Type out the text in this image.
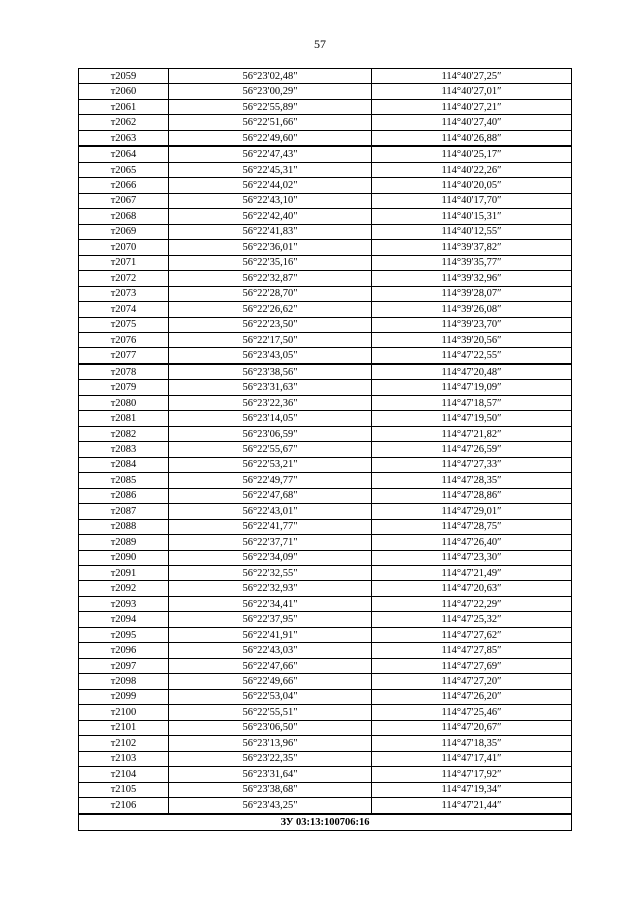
57
т2059	56°23'02,48"	114°40'27,25″
т2060	56°23'00,29"	114°40'27,01″
т2061	56°22'55,89"	114°40'27,21″
т2062	56°22'51,66"	114°40'27,40″
т2063	56°22'49,60"	114°40'26,88″
т2064	56°22'47,43"	114°40'25,17″
т2065	56°22'45,31"	114°40'22,26″
т2066	56°22'44,02"	114°40'20,05″
т2067	56°22'43,10"	114°40'17,70″
т2068	56°22'42,40"	114°40'15,31″
т2069	56°22'41,83"	114°40'12,55″
т2070	56°22'36,01"	114°39'37,82″
т2071	56°22'35,16"	114°39'35,77″
т2072	56°22'32,87"	114°39'32,96″
т2073	56°22'28,70"	114°39'28,07″
т2074	56°22'26,62"	114°39'26,08″
т2075	56°22'23,50"	114°39'23,70″
т2076	56°22'17,50"	114°39'20,56″
т2077	56°23'43,05"	114°47'22,55″
т2078	56°23'38,56"	114°47'20,48″
т2079	56°23'31,63"	114°47'19,09″
т2080	56°23'22,36"	114°47'18,57″
т2081	56°23'14,05"	114°47'19,50″
т2082	56°23'06,59"	114°47'21,82″
т2083	56°22'55,67"	114°47'26,59″
т2084	56°22'53,21"	114°47'27,33″
т2085	56°22'49,77"	114°47'28,35″
т2086	56°22'47,68"	114°47'28,86″
т2087	56°22'43,01"	114°47'29,01″
т2088	56°22'41,77"	114°47'28,75″
т2089	56°22'37,71"	114°47'26,40″
т2090	56°22'34,09"	114°47'23,30″
т2091	56°22'32,55"	114°47'21,49″
т2092	56°22'32,93"	114°47'20,63″
т2093	56°22'34,41"	114°47'22,29″
т2094	56°22'37,95"	114°47'25,32″
т2095	56°22'41,91"	114°47'27,62″
т2096	56°22'43,03"	114°47'27,85″
т2097	56°22'47,66"	114°47'27,69″
т2098	56°22'49,66"	114°47'27,20″
т2099	56°22'53,04"	114°47'26,20″
т2100	56°22'55,51"	114°47'25,46″
т2101	56°23'06,50"	114°47'20,67″
т2102	56°23'13,96"	114°47'18,35″
т2103	56°23'22,35"	114°47'17,41″
т2104	56°23'31,64"	114°47'17,92″
т2105	56°23'38,68"	114°47'19,34″
т2106	56°23'43,25"	114°47'21,44″
ЗУ 03:13:100706:16		
